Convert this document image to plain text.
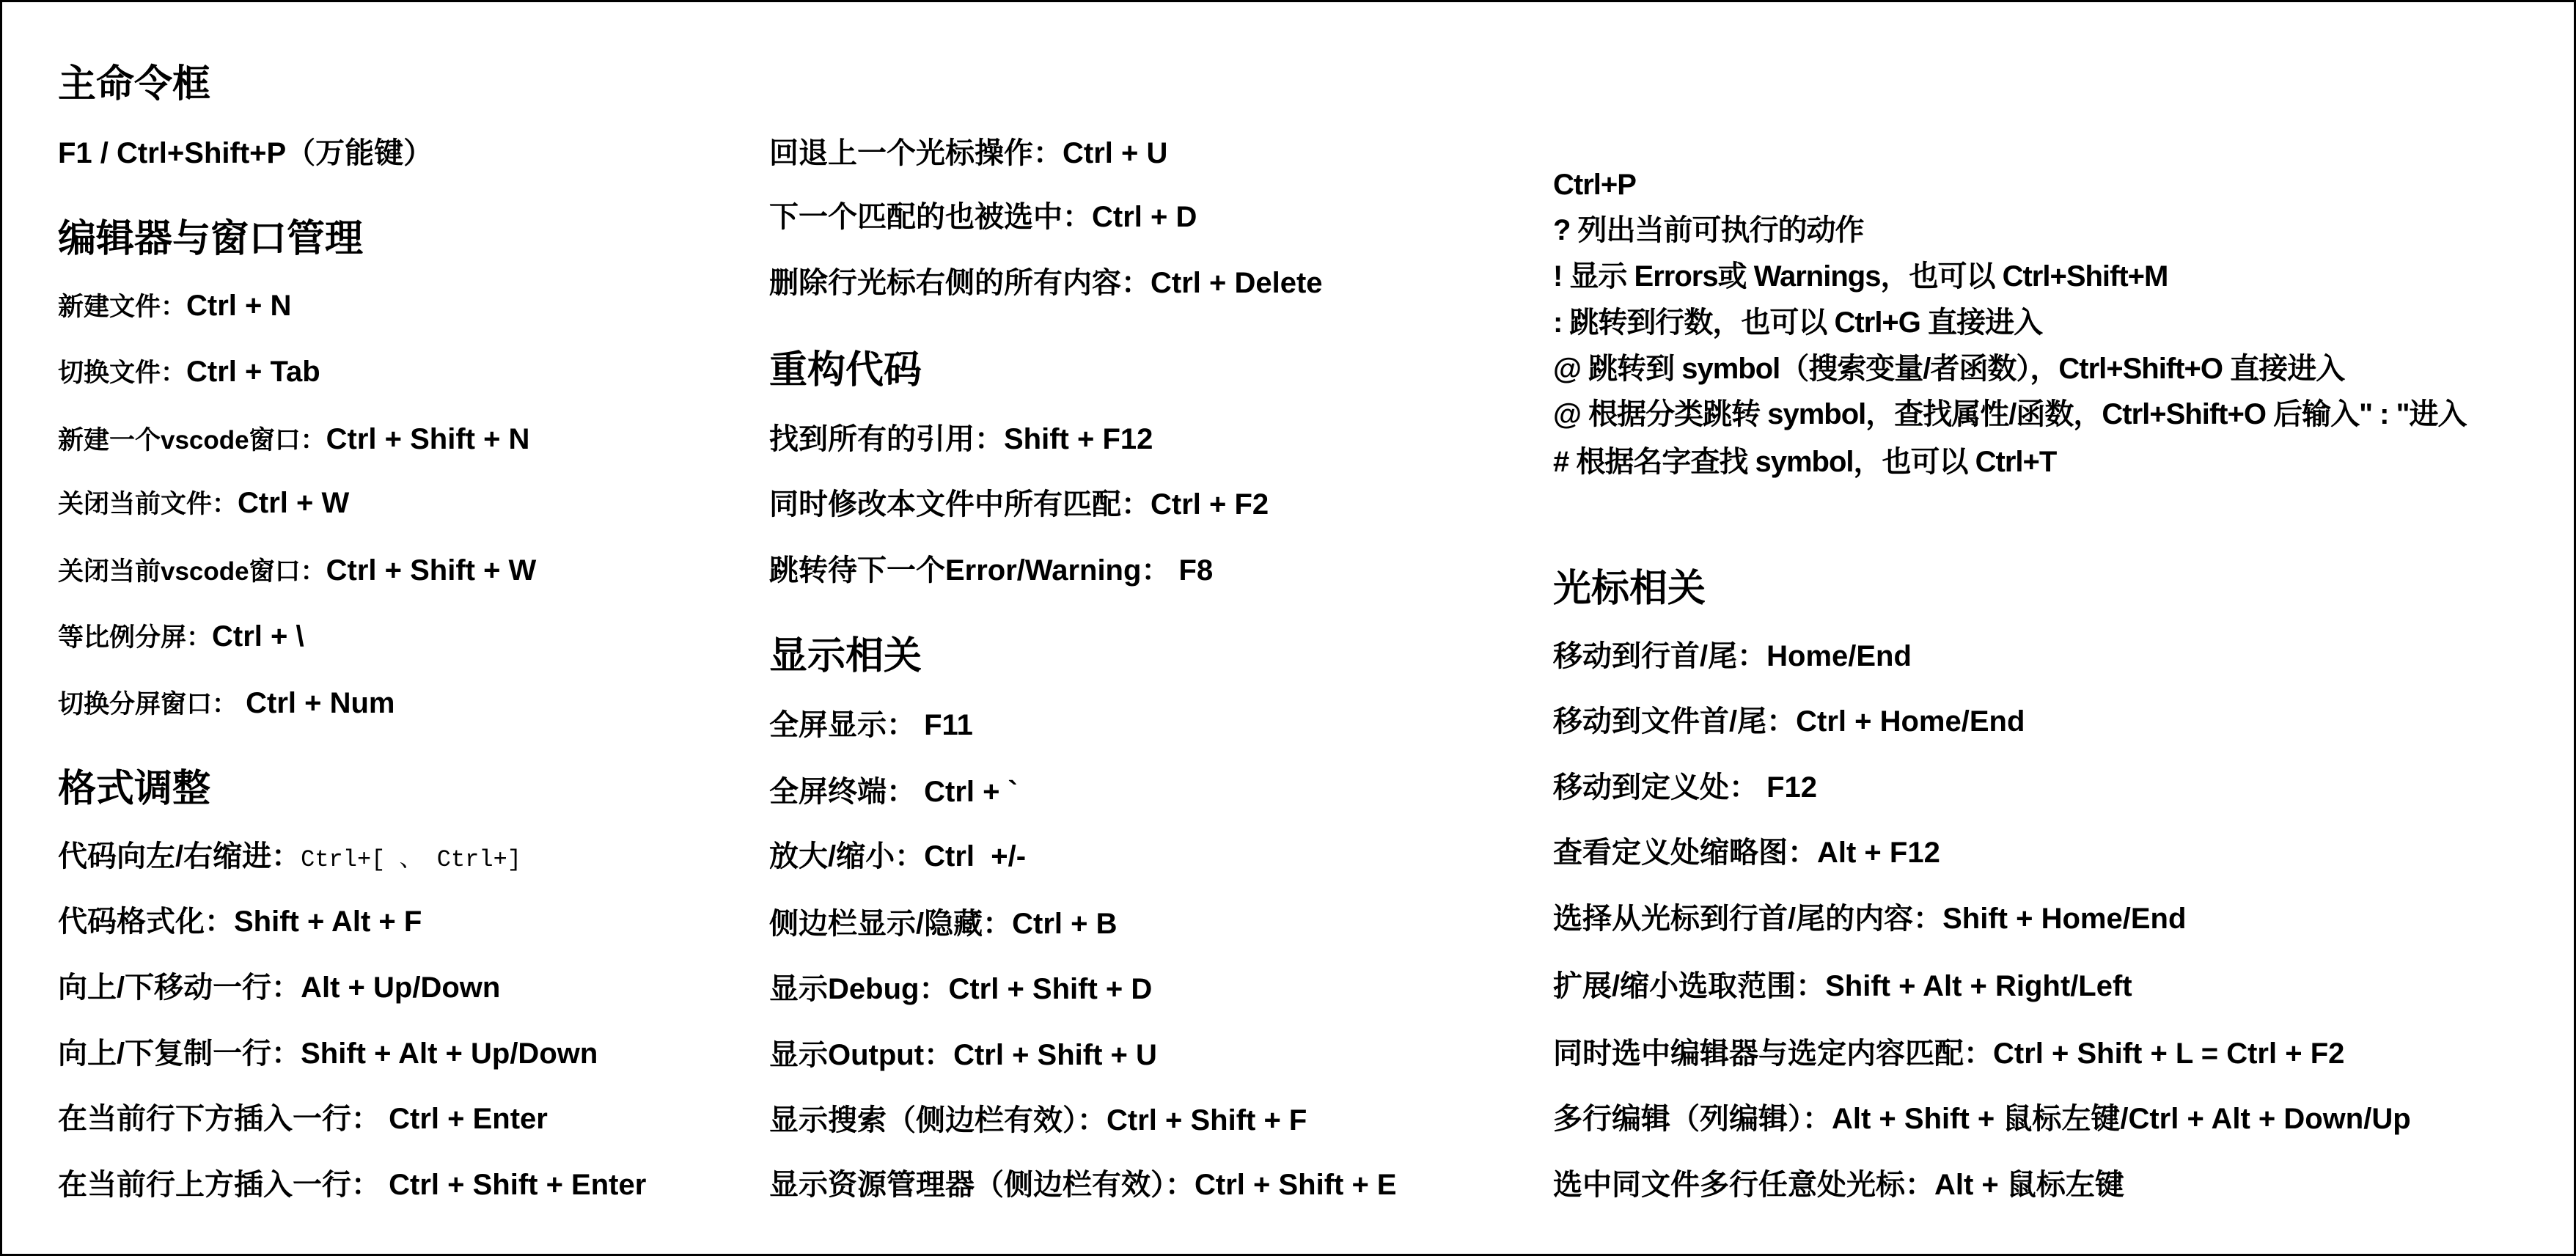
主命令框
F1 / Ctrl+Shift+P（万能键）
编辑器与窗口管理
新建文件：Ctrl + N
切换文件：Ctrl + Tab
新建一个vscode窗口：Ctrl + Shift + N
关闭当前文件：Ctrl + W
关闭当前vscode窗口：Ctrl + Shift + W
等比例分屏：Ctrl + \
切换分屏窗口： Ctrl + Num
格式调整
代码向左/右缩进：Ctrl+[ 、 Ctrl+]
代码格式化：Shift + Alt + F
向上/下移动一行：Alt + Up/Down
向上/下复制一行：Shift + Alt + Up/Down
在当前行下方插入一行： Ctrl + Enter
在当前行上方插入一行： Ctrl + Shift + Enter
回退上一个光标操作：Ctrl + U
下一个匹配的也被选中：Ctrl + D
删除行光标右侧的所有内容：Ctrl + Delete
重构代码
找到所有的引用：Shift + F12
同时修改本文件中所有匹配：Ctrl + F2
跳转待下一个Error/Warning： F8
显示相关
全屏显示： F11
全屏终端： Ctrl + `
放大/缩小：Ctrl  +/-
侧边栏显示/隐藏：Ctrl + B
显示Debug：Ctrl + Shift + D
显示Output：Ctrl + Shift + U
显示搜索（侧边栏有效）：Ctrl + Shift + F
显示资源管理器（侧边栏有效）：Ctrl + Shift + E
Ctrl+P
? 列出当前可执行的动作
! 显示 Errors或 Warnings，也可以 Ctrl+Shift+M
: 跳转到行数，也可以 Ctrl+G 直接进入
@ 跳转到 symbol（搜索变量/者函数），Ctrl+Shift+O 直接进入
@ 根据分类跳转 symbol，查找属性/函数，Ctrl+Shift+O 后输入" : "进入
# 根据名字查找 symbol，也可以 Ctrl+T
光标相关
移动到行首/尾：Home/End
移动到文件首/尾：Ctrl + Home/End
移动到定义处： F12
查看定义处缩略图：Alt + F12
选择从光标到行首/尾的内容：Shift + Home/End
扩展/缩小选取范围：Shift + Alt + Right/Left
同时选中编辑器与选定内容匹配：Ctrl + Shift + L = Ctrl + F2
多行编辑（列编辑）：Alt + Shift + 鼠标左键/Ctrl + Alt + Down/Up
选中同文件多行任意处光标：Alt + 鼠标左键
